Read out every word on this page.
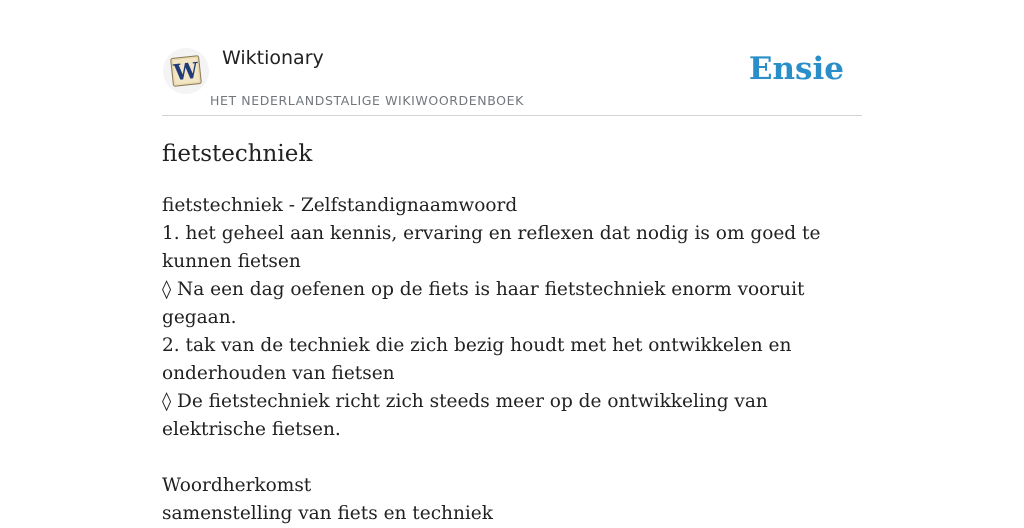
W Wiktionary
HET NEDERLANDSTALIGE WIKIWOORDENBOEK
Ensie
fietstechniek

fietstechniek - Zelfstandignaamwoord

1. het geheel aan kennis, ervaring en reflexen dat nodig is om goed te kunnen fietsen

◊ Na een dag oefenen op de fiets is haar fietstechniek enorm vooruit gegaan.

2. tak van de techniek die zich bezig houdt met het ontwikkelen en onderhouden van fietsen

◊ De fietstechniek richt zich steeds meer op de ontwikkeling van elektrische fietsen.

Woordherkomst

samenstelling van fiets en techniek
